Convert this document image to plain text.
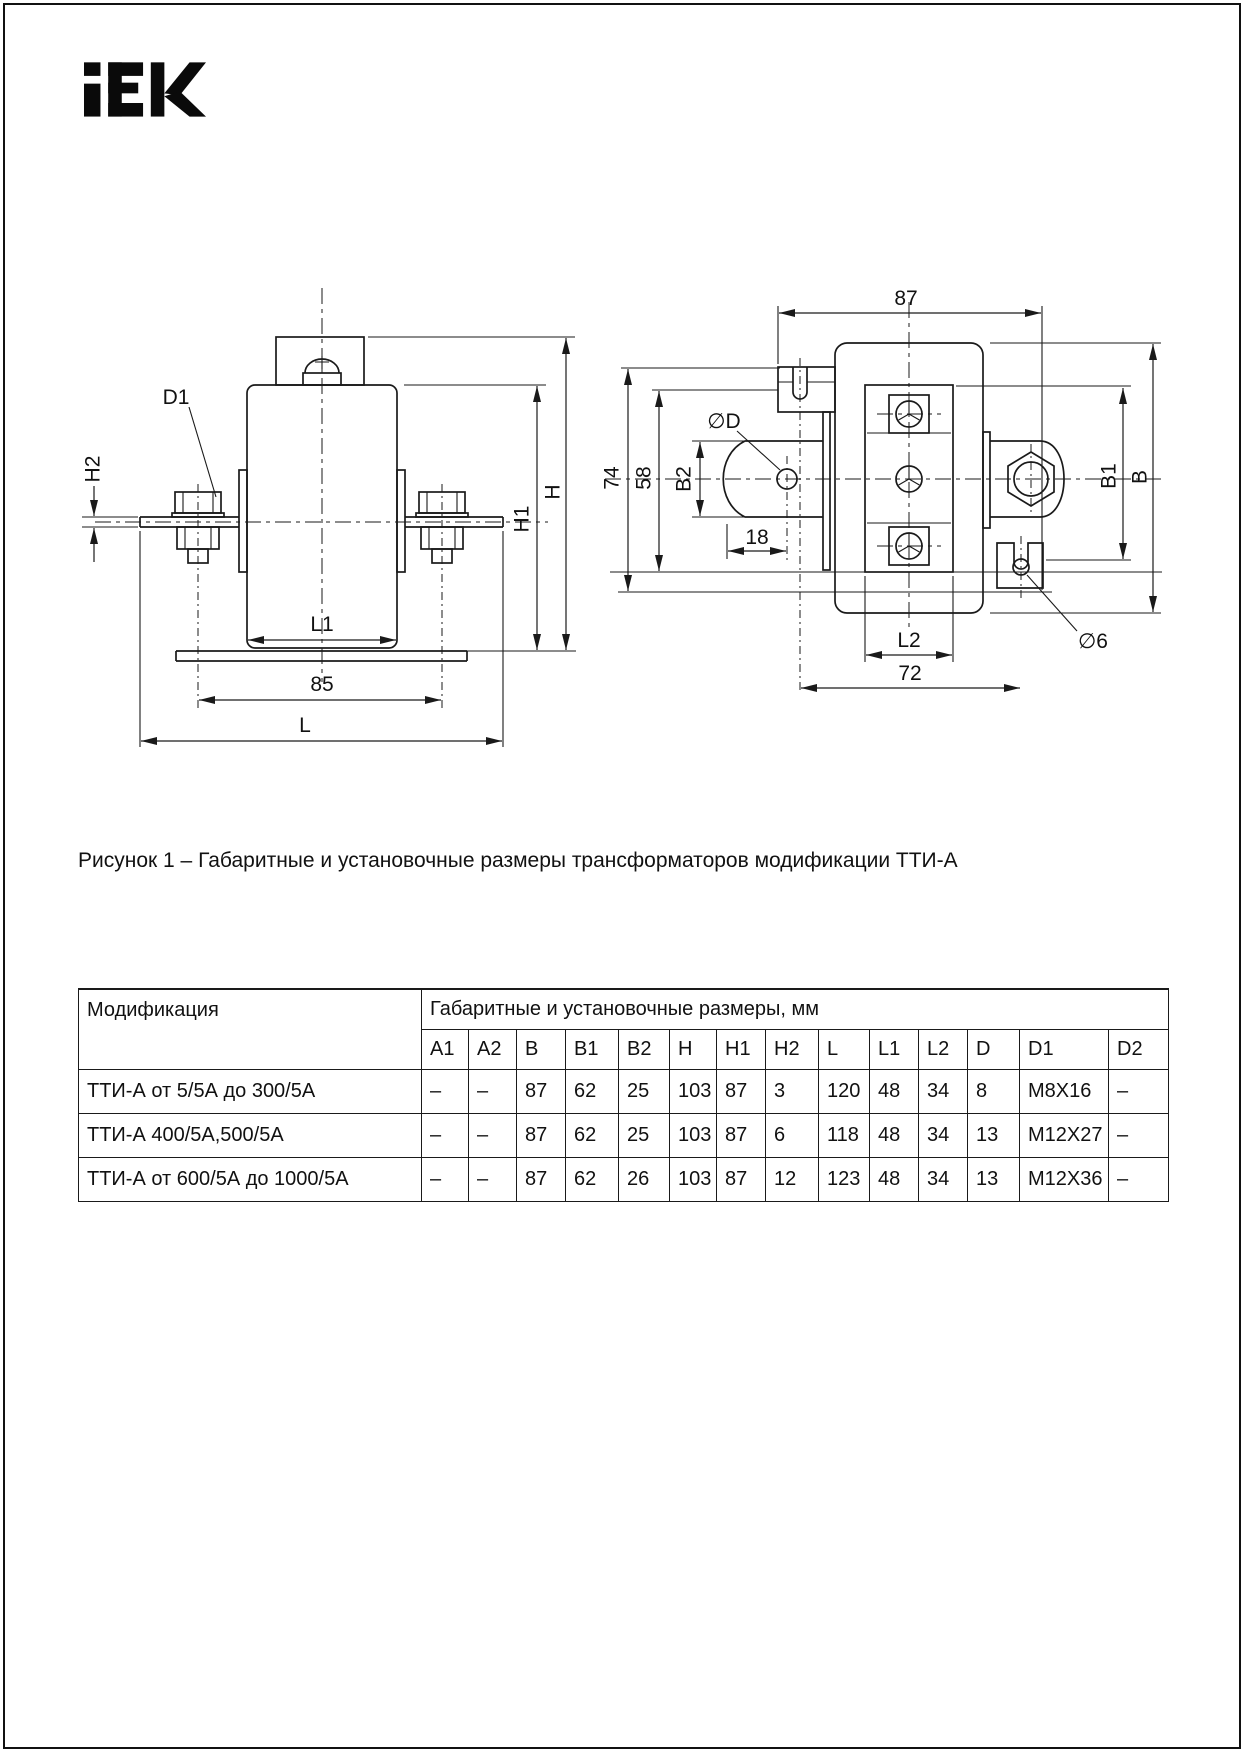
D1
H2
H1
H
L1
85
L
87
74 58 B2
∅D
18
L2
72
B1 B
∅6
Рисунок 1 – Габаритные и установочные размеры трансформаторов модификации ТТИ-А
Модификация	Габаритные и установочные размеры, мм													
	A1	A2	B	B1	B2	H	H1	H2	L	L1	L2	D	D1	D2
ТТИ-А от 5/5А до 300/5А	–	–	87	62	25	103	87	3	120	48	34	8	M8X16	–
ТТИ-А 400/5А,500/5А	–	–	87	62	25	103	87	6	118	48	34	13	M12X27	–
ТТИ-А от 600/5А до 1000/5А	–	–	87	62	26	103	87	12	123	48	34	13	M12X36	–
